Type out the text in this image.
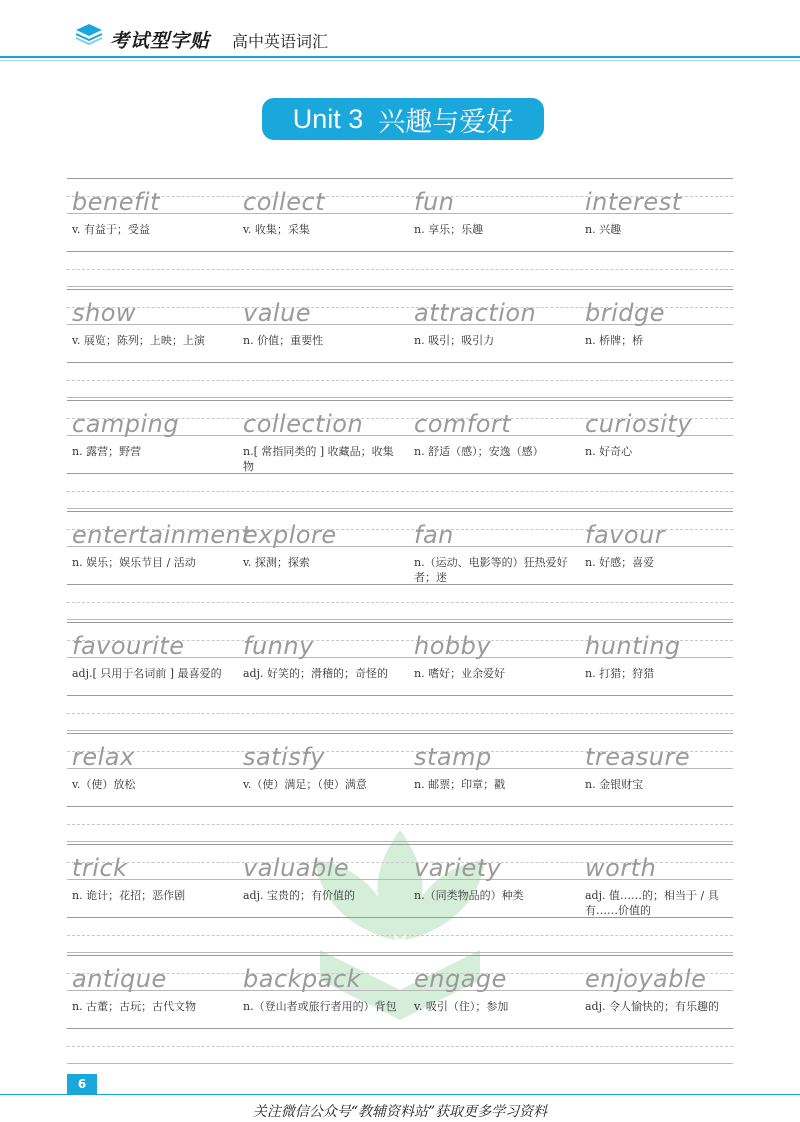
考试型字贴 高中英语词汇
Unit 3
兴趣与爱好
benefit
v. 有益于；受益
collect
v. 收集；采集
fun
n. 享乐；乐趣
interest
n. 兴趣
show
v. 展览；陈列；上映；上演
value
n. 价值；重要性
attraction
n. 吸引；吸引力
bridge
n. 桥牌；桥
camping
n. 露营；野营
collection
n.[ 常指同类的 ] 收藏品；收集物
comfort
n. 舒适（感）；安逸（感）
curiosity
n. 好奇心
entertainment
n. 娱乐；娱乐节目 / 活动
explore
v. 探测；探索
fan
n.（运动、电影等的）狂热爱好者；迷
favour
n. 好感；喜爱
favourite
adj.[ 只用于名词前 ] 最喜爱的
funny
adj. 好笑的；滑稽的；奇怪的
hobby
n. 嗜好；业余爱好
hunting
n. 打猎；狩猎
relax
v.（使）放松
satisfy
v.（使）满足；（使）满意
stamp
n. 邮票；印章；戳
treasure
n. 金银财宝
trick
n. 诡计；花招；恶作剧
valuable
adj. 宝贵的；有价值的
variety
n.（同类物品的）种类
worth
adj. 值……的；相当于 / 具有……价值的
antique
n. 古董；古玩；古代文物
backpack
n.（登山者或旅行者用的）背包
engage
v. 吸引（住）；参加
enjoyable
adj. 令人愉快的；有乐趣的
6
关注微信公众号“教辅资料站”获取更多学习资料
